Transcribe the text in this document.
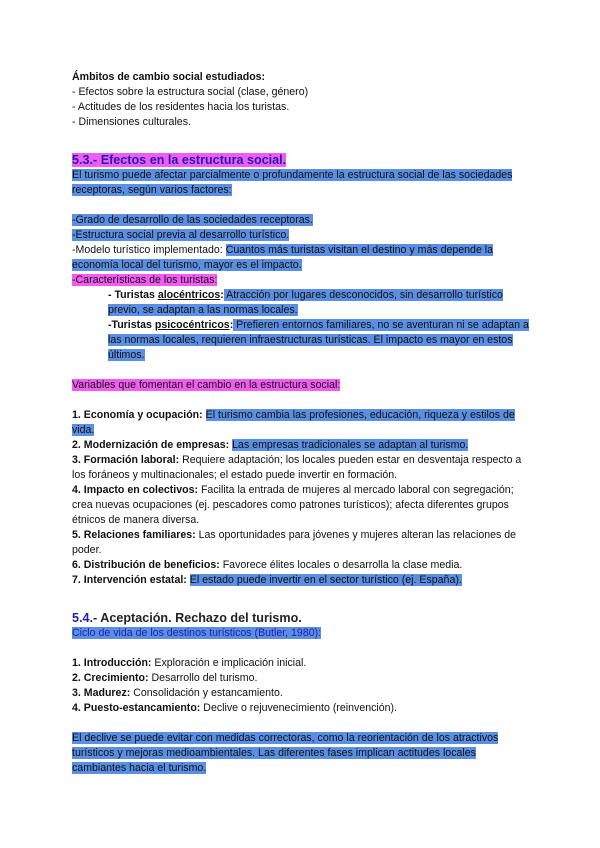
Ámbitos de cambio social estudiados:

- Efectos sobre la estructura social (clase, género)

- Actitudes de los residentes hacia los turistas.

- Dimensiones culturales.

5.3.- Efectos en la estructura social.

El turismo puede afectar parcialmente o profundamente la estructura social de las sociedades receptoras, según varios factores:

-Grado de desarrollo de las sociedades receptoras.

-Estructura social previa al desarrollo turístico.

-Modelo turístico implementado: Cuantos más turistas visitan el destino y más depende la economía local del turismo, mayor es el impacto.

-Características de los turistas:

- Turistas alocéntricos: Atracción por lugares desconocidos, sin desarrollo turístico previo, se adaptan a las normas locales.

-Turistas psicocéntricos: Prefieren entornos familiares, no se aventuran ni se adaptan a las normas locales, requieren infraestructuras turísticas. El impacto es mayor en estos últimos.

Variables que fomentan el cambio en la estructura social:

1. Economía y ocupación: El turismo cambia las profesiones, educación, riqueza y estilos de vida.

2. Modernización de empresas: Las empresas tradicionales se adaptan al turismo.

3. Formación laboral: Requiere adaptación; los locales pueden estar en desventaja respecto a los foráneos y multinacionales; el estado puede invertir en formación.

4. Impacto en colectivos: Facilita la entrada de mujeres al mercado laboral con segregación; crea nuevas ocupaciones (ej. pescadores como patrones turísticos); afecta diferentes grupos étnicos de manera diversa.

5. Relaciones familiares: Las oportunidades para jóvenes y mujeres alteran las relaciones de poder.

6. Distribución de beneficios: Favorece élites locales o desarrolla la clase media.

7. Intervención estatal: El estado puede invertir en el sector turístico (ej. España).

5.4.- Aceptación. Rechazo del turismo.

Ciclo de vida de los destinos turísticos (Butler, 1980):

1. Introducción: Exploración e implicación inicial.

2. Crecimiento: Desarrollo del turismo.

3. Madurez: Consolidación y estancamiento.

4. Puesto-estancamiento: Declive o rejuvenecimiento (reinvención).

El declive se puede evitar con medidas correctoras, como la reorientación de los atractivos turísticos y mejoras medioambientales. Las diferentes fases implican actitudes locales cambiantes hacia el turismo.
